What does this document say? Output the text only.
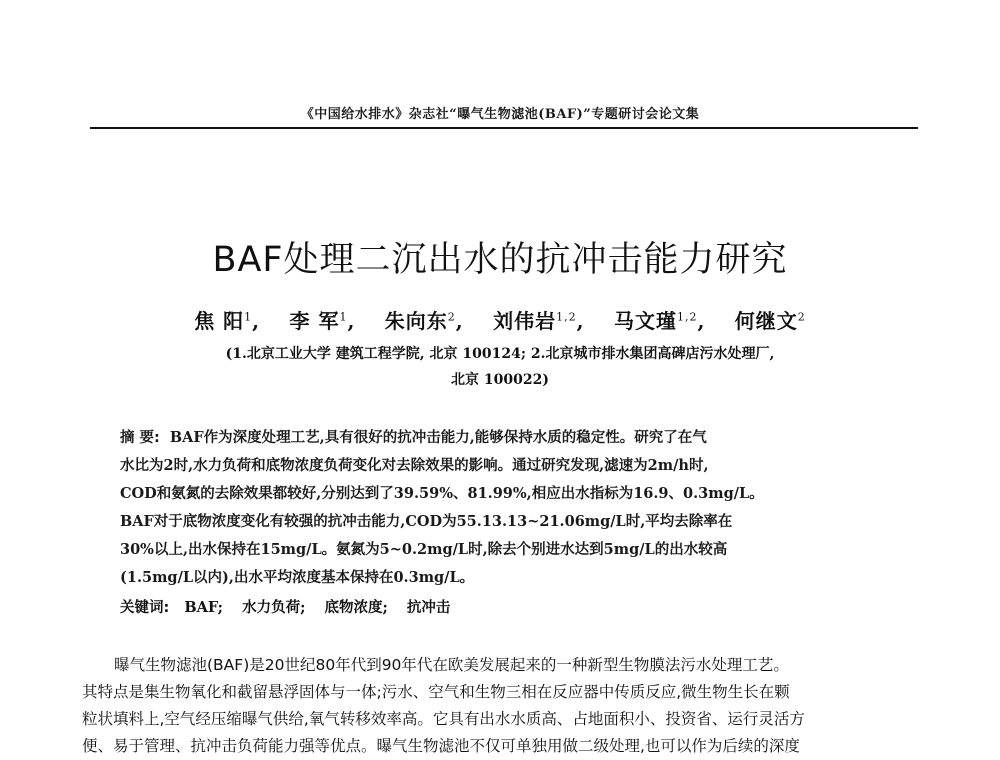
《中国给水排水》杂志社“曝气生物滤池(BAF)”专题研讨会论文集
BAF处理二沉出水的抗冲击能力研究
焦 阳$^1$, 李 军$^1$, 朱向东$^2$, 刘伟岩$^{1,2}$, 马文瑾$^{1,2}$, 何继文$^2$
(1.北京工业大学 建筑工程学院, 北京 100124; 2.北京城市排水集团高碑店污水处理厂,
北京 100022)
摘 要: BAF作为深度处理工艺,具有很好的抗冲击能力,能够保持水质的稳定性。研究了在气
水比为2时,水力负荷和底物浓度负荷变化对去除效果的影响。通过研究发现,滤速为2m/h时,
COD和氨氮的去除效果都较好,分别达到了39.59%、81.99%,相应出水指标为16.9、0.3mg/L。
BAF对于底物浓度变化有较强的抗冲击能力,COD为55.13.13~21.06mg/L时,平均去除率在
30%以上,出水保持在15mg/L。氨氮为5~0.2mg/L时,除去个别进水达到5mg/L的出水较高
(1.5mg/L以内),出水平均浓度基本保持在0.3mg/L。
关键词: BAF; 水力负荷; 底物浓度; 抗冲击
曝气生物滤池(BAF)是20世纪80年代到90年代在欧美发展起来的一种新型生物膜法污水处理工艺。
其特点是集生物氧化和截留悬浮固体与一体;污水、空气和生物三相在反应器中传质反应,微生物生长在颗
粒状填料上,空气经压缩曝气供给,氧气转移效率高。它具有出水水质高、占地面积小、投资省、运行灵活方
便、易于管理、抗冲击负荷能力强等优点。曝气生物滤池不仅可单独用做二级处理,也可以作为后续的深度
